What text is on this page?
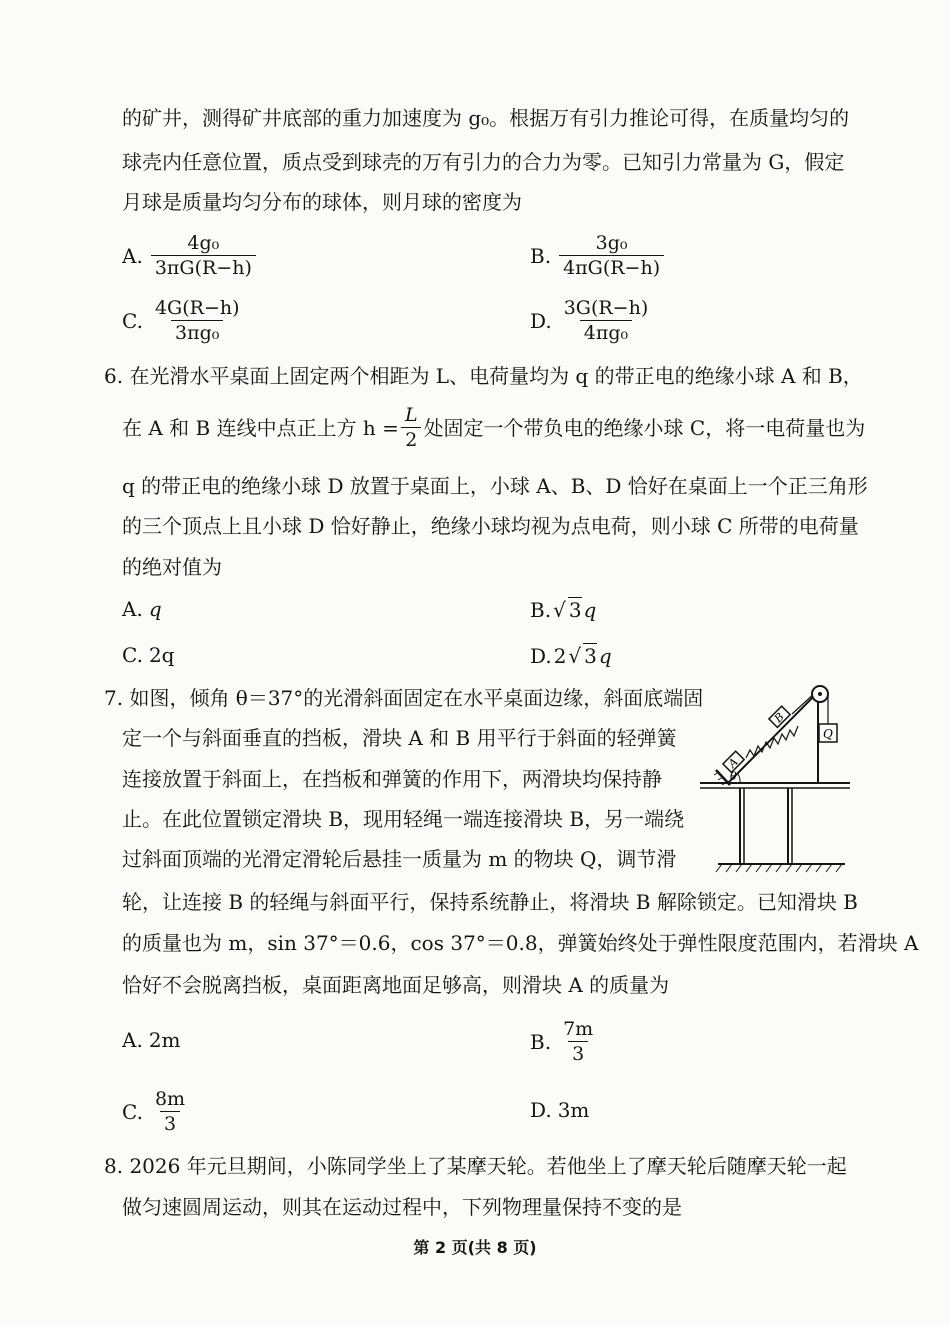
的矿井，测得矿井底部的重力加速度为 g₀。根据万有引力推论可得，在质量均匀的
球壳内任意位置，质点受到球壳的万有引力的合力为零。已知引力常量为 G，假定
月球是质量均匀分布的球体，则月球的密度为
A. $\frac{\text{4g₀}}{3\pi G(R-h)}$	B. $\frac{\text{3g₀}}{4\pi G(R-h)}$
C. $\frac{4G(R-h)}{\text{3πg₀}}$	D. $\frac{3G(R-h)}{\text{4πg₀}}$
6. 在光滑水平桌面上固定两个相距为 L、电荷量均为 q 的带正电的绝缘小球 A 和 B，
在 A 和 B 连线中点正上方 $h = \frac{L}{2}$ 处固定一个带负电的绝缘小球 C，将一电荷量也为
q 的带正电的绝缘小球 D 放置于桌面上，小球 A、B、D 恰好在桌面上一个正三角形
的三个顶点上且小球 D 恰好静止，绝缘小球均视为点电荷，则小球 C 所带的电荷量
的绝对值为
A. q	B. √ 3 q
C. 2q	D. 2 √ 3 q
7. 如图，倾角 θ＝37°的光滑斜面固定在水平桌面边缘，斜面底端固
定一个与斜面垂直的挡板，滑块 A 和 B 用平行于斜面的轻弹簧
连接放置于斜面上，在挡板和弹簧的作用下，两滑块均保持静
止。在此位置锁定滑块 B，现用轻绳一端连接滑块 B，另一端绕
过斜面顶端的光滑定滑轮后悬挂一质量为 m 的物块 Q，调节滑
轮，让连接 B 的轻绳与斜面平行，保持系统静止，将滑块 B 解除锁定。已知滑块 B
的质量也为 m，sin 37°＝0.6，cos 37°＝0.8，弹簧始终处于弹性限度范围内，若滑块 A
恰好不会脱离挡板，桌面距离地面足够高，则滑块 A 的质量为
A
B
Q
θ
A. 2m	B. $\frac{7m}{3}$
C. $\frac{8m}{3}$	D. 3m
8. 2026 年元旦期间，小陈同学坐上了某摩天轮。若他坐上了摩天轮后随摩天轮一起
做匀速圆周运动，则其在运动过程中，下列物理量保持不变的是
第 2 页(共 8 页)
